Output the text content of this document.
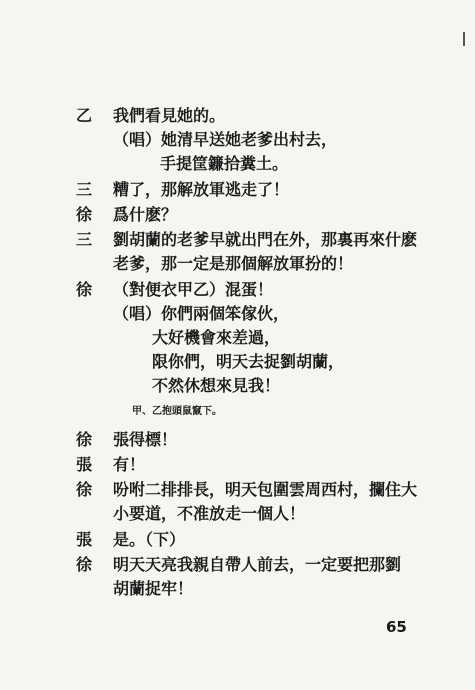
乙 我們看見她的。
（唱）她清早送她老爹出村去，
手提筐鐮拾糞土。
三 糟了，那解放軍逃走了！
徐 爲什麽？
三 劉胡蘭的老爹早就出門在外，那裏再來什麽
老爹，那一定是那個解放軍扮的！
徐 （對便衣甲乙）混蛋！
（唱）你們兩個笨傢伙，
大好機會來差過，
限你們，明天去捉劉胡蘭，
不然休想來見我！
甲、乙抱頭鼠竄下。
徐 張得標！
張 有！
徐 吩咐二排排長，明天包圍雲周西村，攔住大
小要道，不准放走一個人！
張 是。（下）
徐 明天天亮我親自帶人前去，一定要把那劉
胡蘭捉牢！
65
